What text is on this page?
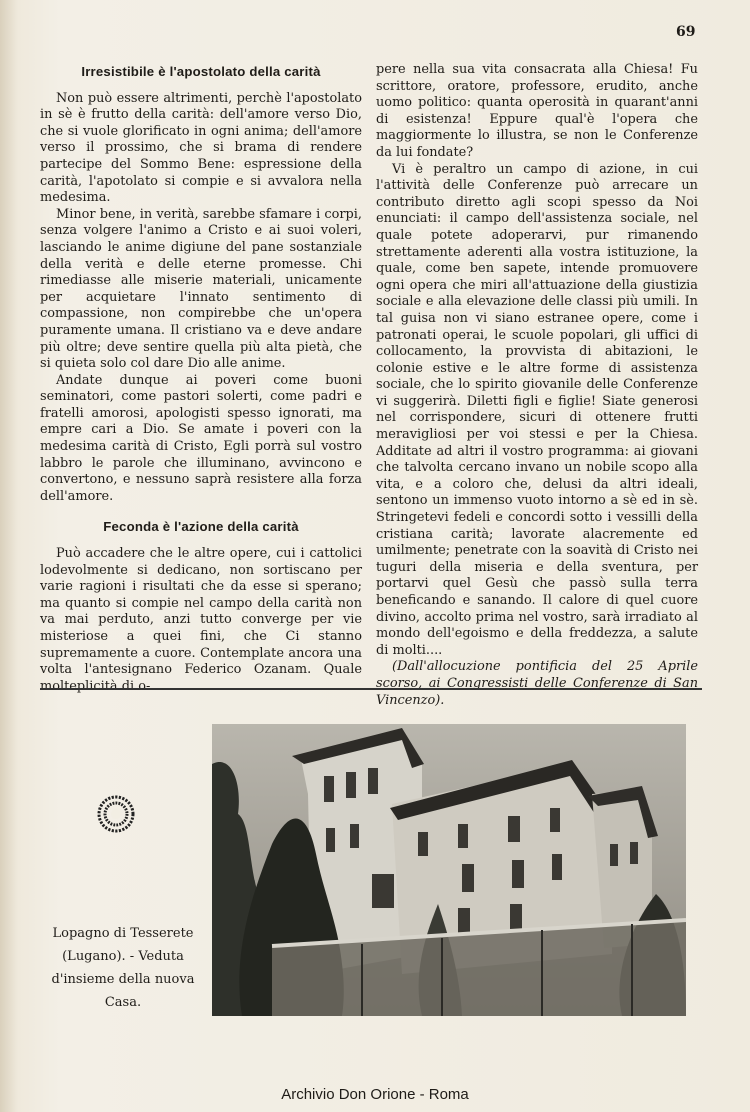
69
Irresistibile è l'apostolato della carità

Non può essere altrimenti, perchè l'apostolato in sè è frutto della carità: dell'amore verso Dio, che si vuole glorificato in ogni anima; dell'amore verso il prossimo, che si brama di rendere partecipe del Sommo Bene: espressione della carità, l'apotolato si compie e si avvalora nella medesima.

Minor bene, in verità, sarebbe sfamare i corpi, senza volgere l'animo a Cristo e ai suoi voleri, lasciando le anime digiune del pane sostanziale della verità e delle eterne promesse. Chi rimediasse alle miserie materiali, unicamente per acquietare l'innato sentimento di compassione, non compirebbe che un'opera puramente umana. Il cristiano va e deve andare più oltre; deve sentire quella più alta pietà, che si quieta solo col dare Dio alle anime.

Andate dunque ai poveri come buoni seminatori, come pastori solerti, come padri e fratelli amorosi, apologisti spesso ignorati, ma empre cari a Dio. Se amate i poveri con la medesima carità di Cristo, Egli porrà sul vostro labbro le parole che illuminano, avvincono e convertono, e nessuno saprà resistere alla forza dell'amore.

Feconda è l'azione della carità

Può accadere che le altre opere, cui i cattolici lodevolmente si dedicano, non sortiscano per varie ragioni i risultati che da esse si sperano; ma quanto si compie nel campo della carità non va mai perduto, anzi tutto converge per vie misteriose a quei fini, che Ci stanno supremamente a cuore. Contemplate ancora una volta l'antesignano Federico Ozanam. Quale molteplicità di o-

pere nella sua vita consacrata alla Chiesa! Fu scrittore, oratore, professore, erudito, anche uomo politico: quanta operosità in quarant'anni di esistenza! Eppure qual'è l'opera che maggiormente lo illustra, se non le Conferenze da lui fondate?

Vi è peraltro un campo di azione, in cui l'attività delle Conferenze può arrecare un contributo diretto agli scopi spesso da Noi enunciati: il campo dell'assistenza sociale, nel quale potete adoperarvi, pur rimanendo strettamente aderenti alla vostra istituzione, la quale, come ben sapete, intende promuovere ogni opera che miri all'attuazione della giustizia sociale e alla elevazione delle classi più umili. In tal guisa non vi siano estranee opere, come i patronati operai, le scuole popolari, gli uffici di collocamento, la provvista di abitazioni, le colonie estive e le altre forme di assistenza sociale, che lo spirito giovanile delle Conferenze vi suggerirà. Diletti figli e figlie! Siate generosi nel corrispondere, sicuri di ottenere frutti meravigliosi per voi stessi e per la Chiesa. Additate ad altri il vostro programma: ai giovani che talvolta cercano invano un nobile scopo alla vita, e a coloro che, delusi da altri ideali, sentono un immenso vuoto intorno a sè ed in sè. Stringetevi fedeli e concordi sotto i vessilli della cristiana carità; lavorate alacremente ed umilmente; penetrate con la soavità di Cristo nei tuguri della miseria e della sventura, per portarvi quel Gesù che passò sulla terra beneficando e sanando. Il calore di quel cuore divino, accolto prima nel vostro, sarà irradiato al mondo dell'egoismo e della freddezza, a salute di molti....

(Dall'allocuzione pontificia del 25 Aprile scorso, ai Congressisti delle Conferenze di San Vincenzo).

Lopagno di Tesserete
(Lugano). - Veduta
d'insieme della nuova
Casa.
Archivio Don Orione - Roma
